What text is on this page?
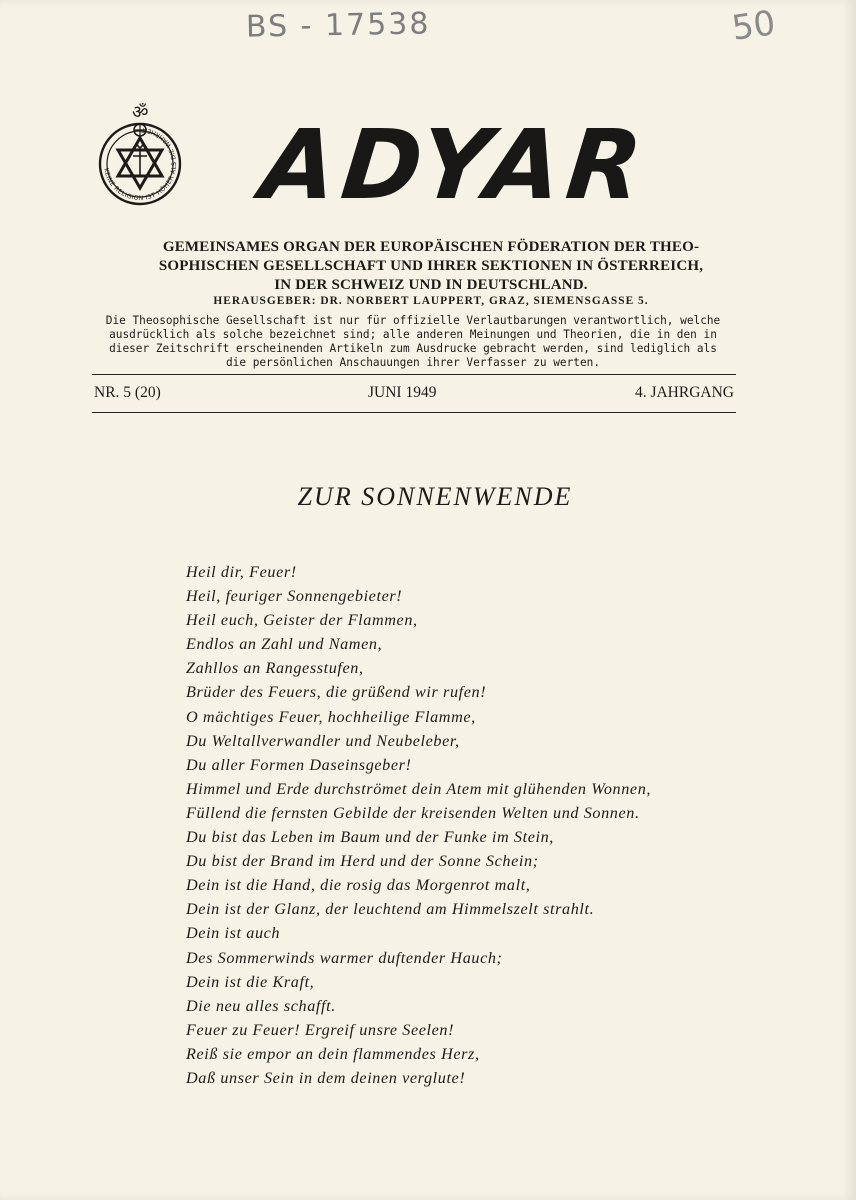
BS - 17538	50
ॐ
KEINE RELIGION IST HÖHER ALS DIE WAHRHEIT	ADYAR
GEMEINSAMES ORGAN DER EUROPÄISCHEN FÖDERATION DER THEO-
SOPHISCHEN GESELLSCHAFT UND IHRER SEKTIONEN IN ÖSTERREICH,
IN DER SCHWEIZ UND IN DEUTSCHLAND.
HERAUSGEBER: DR. NORBERT LAUPPERT, GRAZ, SIEMENSGASSE 5.
Die Theosophische Gesellschaft ist nur für offizielle Verlautbarungen verantwortlich, welche
ausdrücklich als solche bezeichnet sind; alle anderen Meinungen und Theorien, die in den in
dieser Zeitschrift erscheinenden Artikeln zum Ausdrucke gebracht werden, sind lediglich als
die persönlichen Anschauungen ihrer Verfasser zu werten.
NR. 5 (20)	JUNI 1949	4. JAHRGANG
ZUR SONNENWENDE
Heil dir, Feuer!
Heil, feuriger Sonnengebieter!
Heil euch, Geister der Flammen,
Endlos an Zahl und Namen,
Zahllos an Rangesstufen,
Brüder des Feuers, die grüßend wir rufen!
O mächtiges Feuer, hochheilige Flamme,
Du Weltallverwandler und Neubeleber,
Du aller Formen Daseinsgeber!
Himmel und Erde durchströmet dein Atem mit glühenden Wonnen,
Füllend die fernsten Gebilde der kreisenden Welten und Sonnen.
Du bist das Leben im Baum und der Funke im Stein,
Du bist der Brand im Herd und der Sonne Schein;
Dein ist die Hand, die rosig das Morgenrot malt,
Dein ist der Glanz, der leuchtend am Himmelszelt strahlt.
Dein ist auch
Des Sommerwinds warmer duftender Hauch;
Dein ist die Kraft,
Die neu alles schafft.
Feuer zu Feuer! Ergreif unsre Seelen!
Reiß sie empor an dein flammendes Herz,
Daß unser Sein in dem deinen verglute!
